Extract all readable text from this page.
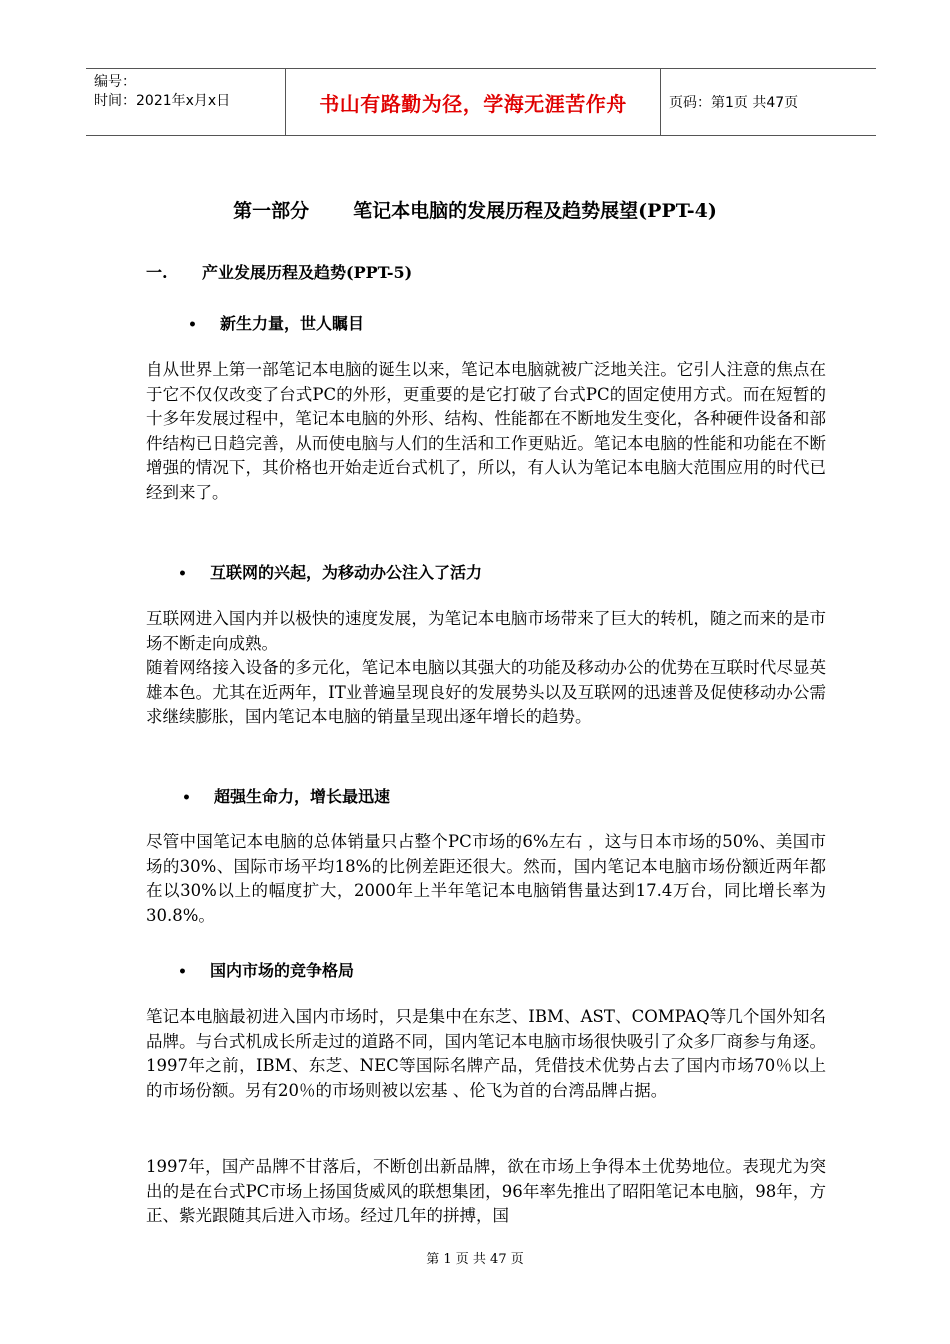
编号：
时间：2021年x月x日	书山有路勤为径，学海无涯苦作舟	页码：第1页 共47页
第一部分 笔记本电脑的发展历程及趋势展望(PPT-4)
一. 产业发展历程及趋势(PPT-5)
• 新生力量，世人瞩目

自从世界上第一部笔记本电脑的诞生以来，笔记本电脑就被广泛地关注。它引人注意的焦点在于它不仅仅改变了台式PC的外形，更重要的是它打破了台式PC的固定使用方式。而在短暂的十多年发展过程中，笔记本电脑的外形、结构、性能都在不断地发生变化，各种硬件设备和部件结构已日趋完善，从而使电脑与人们的生活和工作更贴近。笔记本电脑的性能和功能在不断增强的情况下，其价格也开始走近台式机了，所以，有人认为笔记本电脑大范围应用的时代已经到来了。

• 互联网的兴起，为移动办公注入了活力

互联网进入国内并以极快的速度发展，为笔记本电脑市场带来了巨大的转机，随之而来的是市场不断走向成熟。

随着网络接入设备的多元化，笔记本电脑以其强大的功能及移动办公的优势在互联时代尽显英雄本色。尤其在近两年，IT业普遍呈现良好的发展势头以及互联网的迅速普及促使移动办公需求继续膨胀，国内笔记本电脑的销量呈现出逐年增长的趋势。

• 超强生命力，增长最迅速

尽管中国笔记本电脑的总体销量只占整个PC市场的6%左右 ，这与日本市场的50%、美国市场的30%、国际市场平均18%的比例差距还很大。然而，国内笔记本电脑市场份额近两年都在以30%以上的幅度扩大，2000年上半年笔记本电脑销售量达到17.4万台，同比增长率为30.8%。

• 国内市场的竞争格局

笔记本电脑最初进入国内市场时，只是集中在东芝、IBM、AST、COMPAQ等几个国外知名品牌。与台式机成长所走过的道路不同，国内笔记本电脑市场很快吸引了众多厂商参与角逐。1997年之前，IBM、东芝、NEC等国际名牌产品，凭借技术优势占去了国内市场70％以上的市场份额。另有20％的市场则被以宏基 、伦飞为首的台湾品牌占据。

1997年，国产品牌不甘落后，不断创出新品牌，欲在市场上争得本土优势地位。表现尤为突出的是在台式PC市场上扬国货威风的联想集团，96年率先推出了昭阳笔记本电脑，98年，方正、紫光跟随其后进入市场。经过几年的拼搏，国

第 1 页 共 47 页
